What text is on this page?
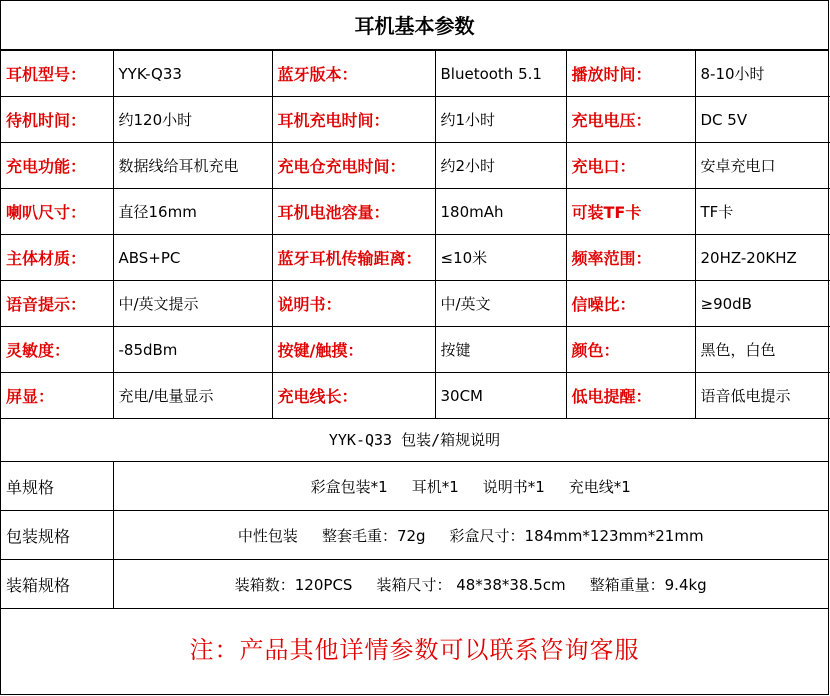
耳机基本参数
耳机型号：	YYK-Q33	蓝牙版本：	Bluetooth 5.1	播放时间：	8-10小时
待机时间：	约120小时	耳机充电时间：	约1小时	充电电压：	DC 5V
充电功能：	数据线给耳机充电	充电仓充电时间：	约2小时	充电口：	安卓充电口
喇叭尺寸：	直径16mm	耳机电池容量：	180mAh	可装TF卡	TF卡
主体材质：	ABS+PC	蓝牙耳机传输距离：	≤10米	频率范围：	20HZ-20KHZ
语音提示：	中/英文提示	说明书：	中/英文	信噪比：	≥90dB
灵敏度：	-85dBm	按键/触摸：	按键	颜色：	黑色，白色
屏显：	充电/电量显示	充电线长：	30CM	低电提醒：	语音低电提示
YYK-Q33 包装/箱规说明
单规格	彩盒包装*1 耳机*1 说明书*1 充电线*1
包装规格	中性包装 整套毛重：72g 彩盒尺寸：184mm*123mm*21mm
装箱规格	装箱数：120PCS 装箱尺寸： 48*38*38.5cm 整箱重量：9.4kg
注：产品其他详情参数可以联系咨询客服
